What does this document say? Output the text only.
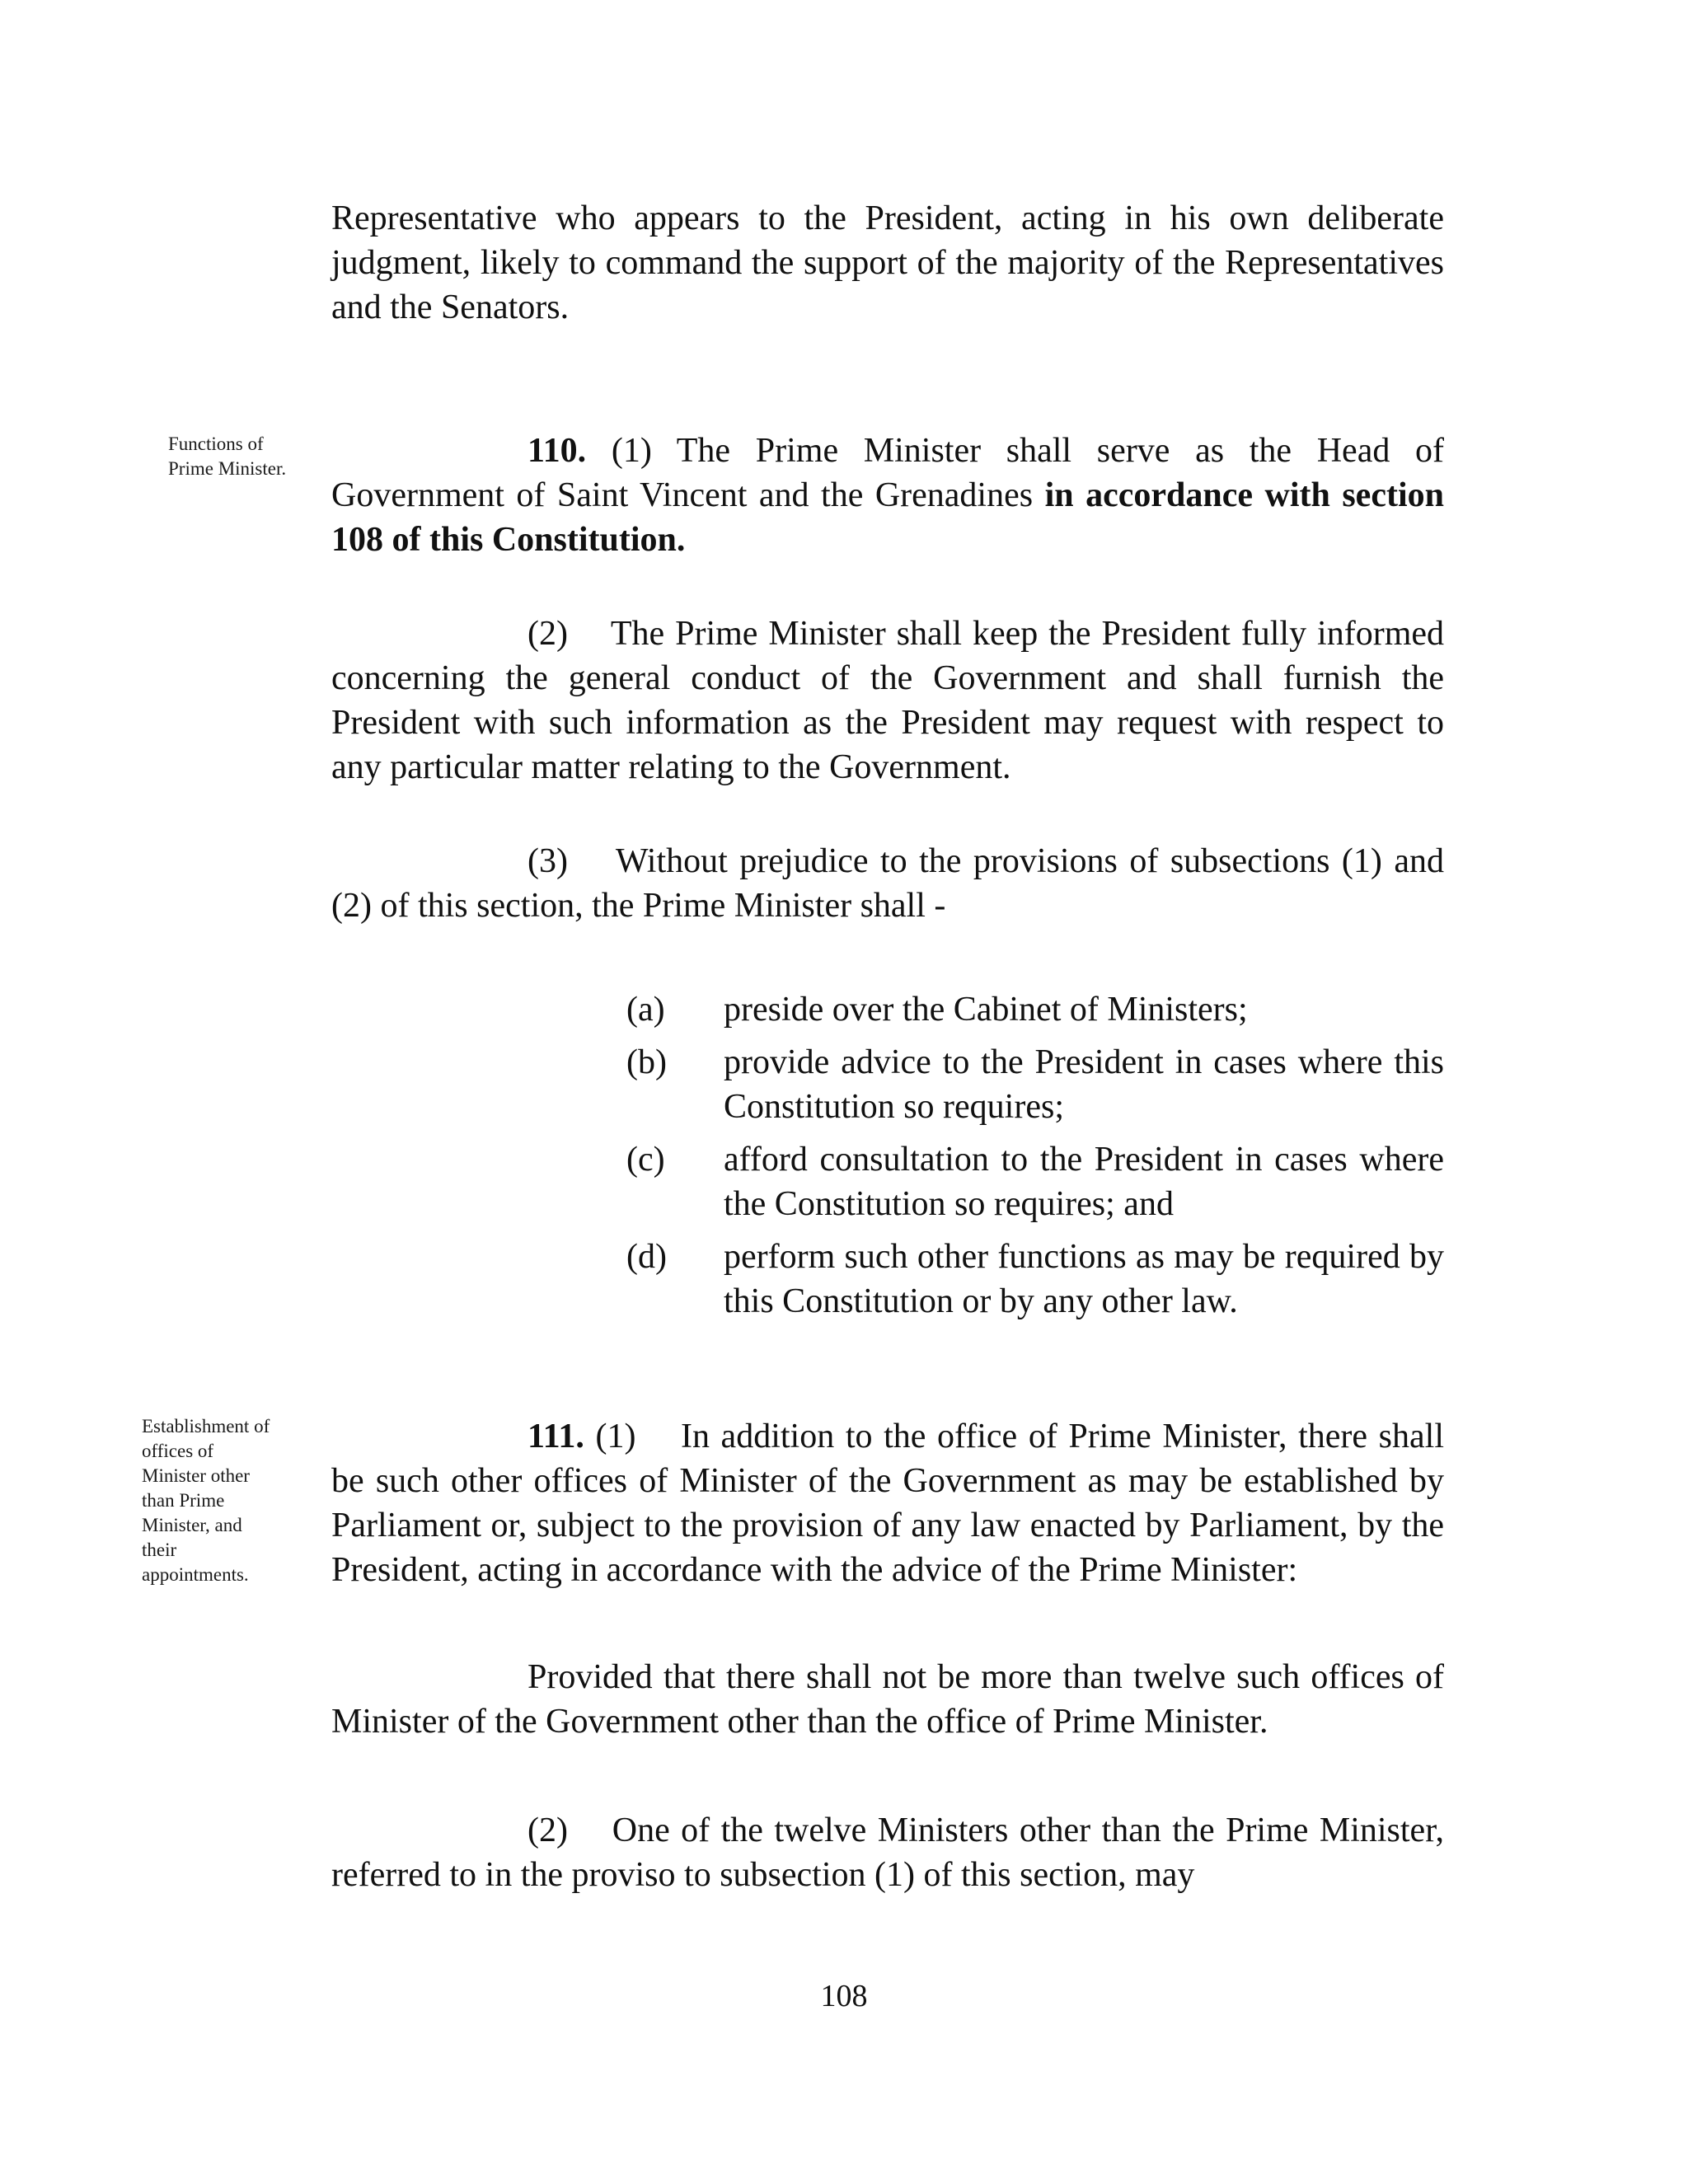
Representative who appears to the President, acting in his own deliberate judgment, likely to command the support of the majority of the Representatives and the Senators.

Functions of Prime Minister.	110. (1) The Prime Minister shall serve as the Head of Government of Saint Vincent and the Grenadines in accordance with section 108 of this Constitution.

(2) The Prime Minister shall keep the President fully informed concerning the general conduct of the Government and shall furnish the President with such information as the President may request with respect to any particular matter relating to the Government.

(3) Without prejudice to the provisions of subsections (1) and (2) of this section, the Prime Minister shall -

(a)	preside over the Cabinet of Ministers;
(b)	provide advice to the President in cases where this Constitution so requires;
(c)	afford consultation to the President in cases where the Constitution so requires; and
(d)	perform such other functions as may be required by this Constitution or by any other law.
Establishment of offices of Minister other than Prime Minister, and their appointments.

111. (1) In addition to the office of Prime Minister, there shall be such other offices of Minister of the Government as may be established by Parliament or, subject to the provision of any law enacted by Parliament, by the President, acting in accordance with the advice of the Prime Minister:

Provided that there shall not be more than twelve such offices of Minister of the Government other than the office of Prime Minister.

(2) One of the twelve Ministers other than the Prime Minister, referred to in the proviso to subsection (1) of this section, may

108
